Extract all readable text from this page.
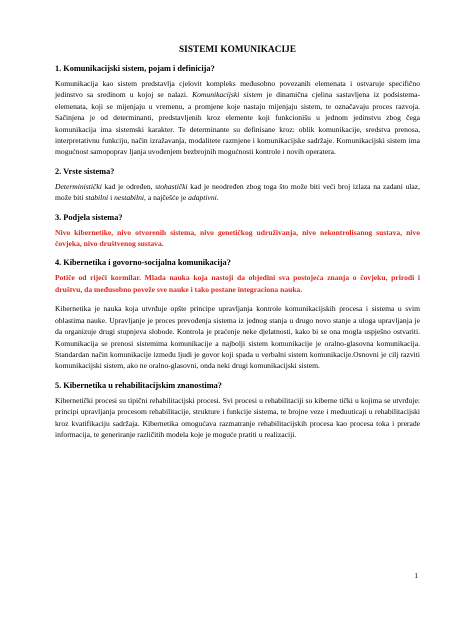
SISTEMI KOMUNIKACIJE
1. Komunikacijski sistem, pojam i definicija?

Komunikacija kao sistem predstavlja cjelovit kompleks međusobno povezanih elemenata i ostvaruje specifično jedinstvo sa sredinom u kojoj se nalazi. Komunikacijski sistem je dinamična cjelina sastavljena iz podsistema-elemenata, koji se mijenjaju u vremenu, a promjene koje nastaju mijenjaju sistem, te označavaju proces razvoja. Sačinjena je od determinanti, predstavljenih kroz elemente koji funkcionišu u jednom jedinstvu zbog čega komunikacija ima sistemski karakter. Te determinante su definisane kroz: oblik komunikacije, sredstva prenosa, interpretativnu funkciju, način izražavanja, modalitete razmjene i komunikacijske sadržaje. Komunikacijski sistem ima mogućnost samopoprav ljanja uvođenjem bezbrojnih mogućnosti kontrole i novih operatera.

2. Vrste sistema?

Deterministički kad je određen, stohastički kad je neodređen zbog toga što može biti veći broj izlaza na zadani ulaz, može biti stabilni i nestabilni, a najčešće je adaptivni.

3. Podjela sistema?

Nivo kibernetike, nivo otvorenih sistema, nivo genetičkog udruživanja, nivo nekontrolisanog sustava, nivo čovjeka, nivo društvenog sustava.

4. Kibernetika i govorno-socijalna komunikacija?

Potiče od riječi kormilar. Mlada nauka koja nastoji da objedini sva postojeća znanja o čovjeku, prirodi i društvu, da međusobno poveže sve nauke i tako postane integraciona nauka.

Kibernetika je nauka koja utvrđuje opšte principe upravljanja kontrole komunikacijskih procesa i sistema u svim oblastima nauke. Upravljanje je proces prevođenja sistema iz jednog stanja u drugo novo stanje a uloga upravljanja je da organizuje drugi stupnjeva slobode. Kontrola je praćenje neke djelatnosti, kako bi se ona mogla uspješno ostvariti. Komunikacija se prenosi sistemima komunikacije a najbolji sistem komunikacije je oralno-glasovna komunikacija. Standardan način komunikacije između ljudi je govor koji spada u verbalni sistem komunikacije.Osnovni je cilj razviti komunikacijski sistem, ako ne oralno-glasovni, onda neki drugi komunikacijski sistem.

5. Kibernetika u rehabilitacijskim znanostima?

Kibernetički procesi su tipični rehabilitacijski procesi. Svi procesi u rehabilitaciji su kiberne tički u kojima se utvrđuje: principi upravljanja procesom rehabilitacije, strukture i funkcije sistema, te brojne veze i međuuticaji u rehabilitacijski kroz kvatifikaciju sadržaja. Kibernetika omogućava razmatranje rehabilitacijskih procesa kao procesa toka i prerade informacija, te generiranje različitih modela koje je moguće pratiti u realizaciji.

1
